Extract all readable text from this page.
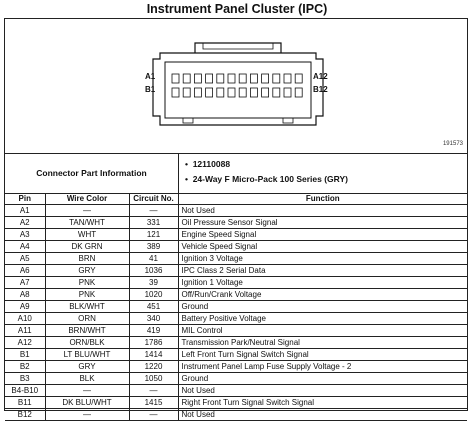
Instrument Panel Cluster (IPC)
A1
B1
A12
B12
191573
Connector Part Information
•  12110088
•  24-Way F Micro-Pack 100 Series (GRY)
Pin	Wire Color	Circuit No.	Function
A1	—	—	Not Used
A2	TAN/WHT	331	Oil Pressure Sensor Signal
A3	WHT	121	Engine Speed Signal
A4	DK GRN	389	Vehicle Speed Signal
A5	BRN	41	Ignition 3 Voltage
A6	GRY	1036	IPC Class 2 Serial Data
A7	PNK	39	Ignition 1 Voltage
A8	PNK	1020	Off/Run/Crank Voltage
A9	BLK/WHT	451	Ground
A10	ORN	340	Battery Positive Voltage
A11	BRN/WHT	419	MIL Control
A12	ORN/BLK	1786	Transmission Park/Neutral Signal
B1	LT BLU/WHT	1414	Left Front Turn Signal Switch Signal
B2	GRY	1220	Instrument Panel Lamp Fuse Supply Voltage - 2
B3	BLK	1050	Ground
B4-B10	—	—	Not Used
B11	DK BLU/WHT	1415	Right Front Turn Signal Switch Signal
B12	—	—	Not Used
